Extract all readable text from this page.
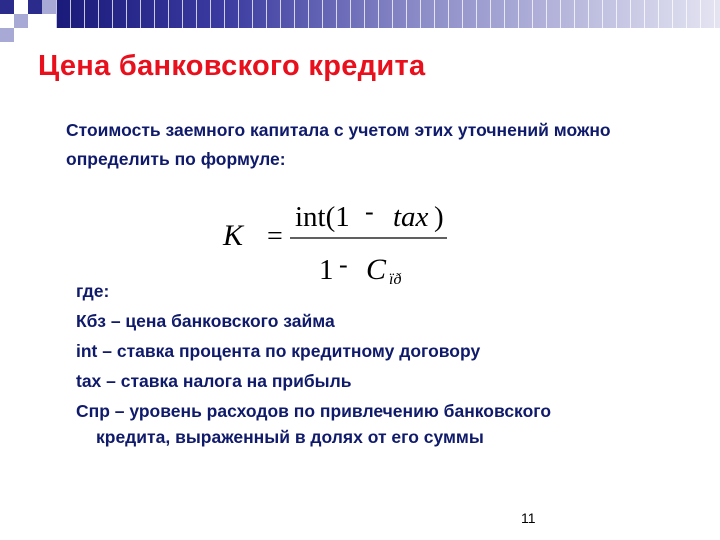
Цена банковского кредита

Стоимость заемного капитала с учетом этих уточнений можно определить по формуле:

K =
int(1 - tax )
1 - C ïð
где:
Кбз – цена банковского займа
int – ставка процента по кредитному договору
tax – ставка налога на прибыль
Спр – уровень расходов по привлечению банковского
кредита, выраженный в долях от его суммы
11
